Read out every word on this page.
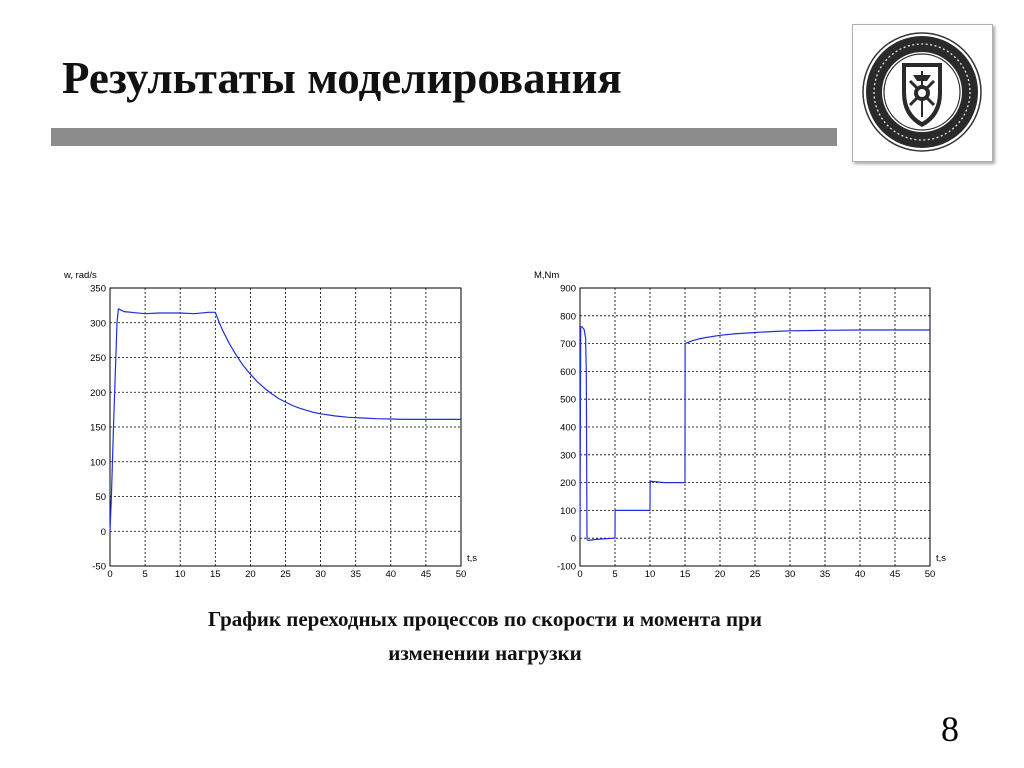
Результаты моделирования
0	5	10	15	20	25	30	35	40	45	50
-50
0
50
100
150
200
250
300
350
w, rad/s
t,s
0	5	10	15	20	25	30	35	40	45	50
-100
0
100
200
300
400
500
600
700
800
900
M,Nm
t,s
График переходных процессов по скорости и момента при
изменении нагрузки
8
